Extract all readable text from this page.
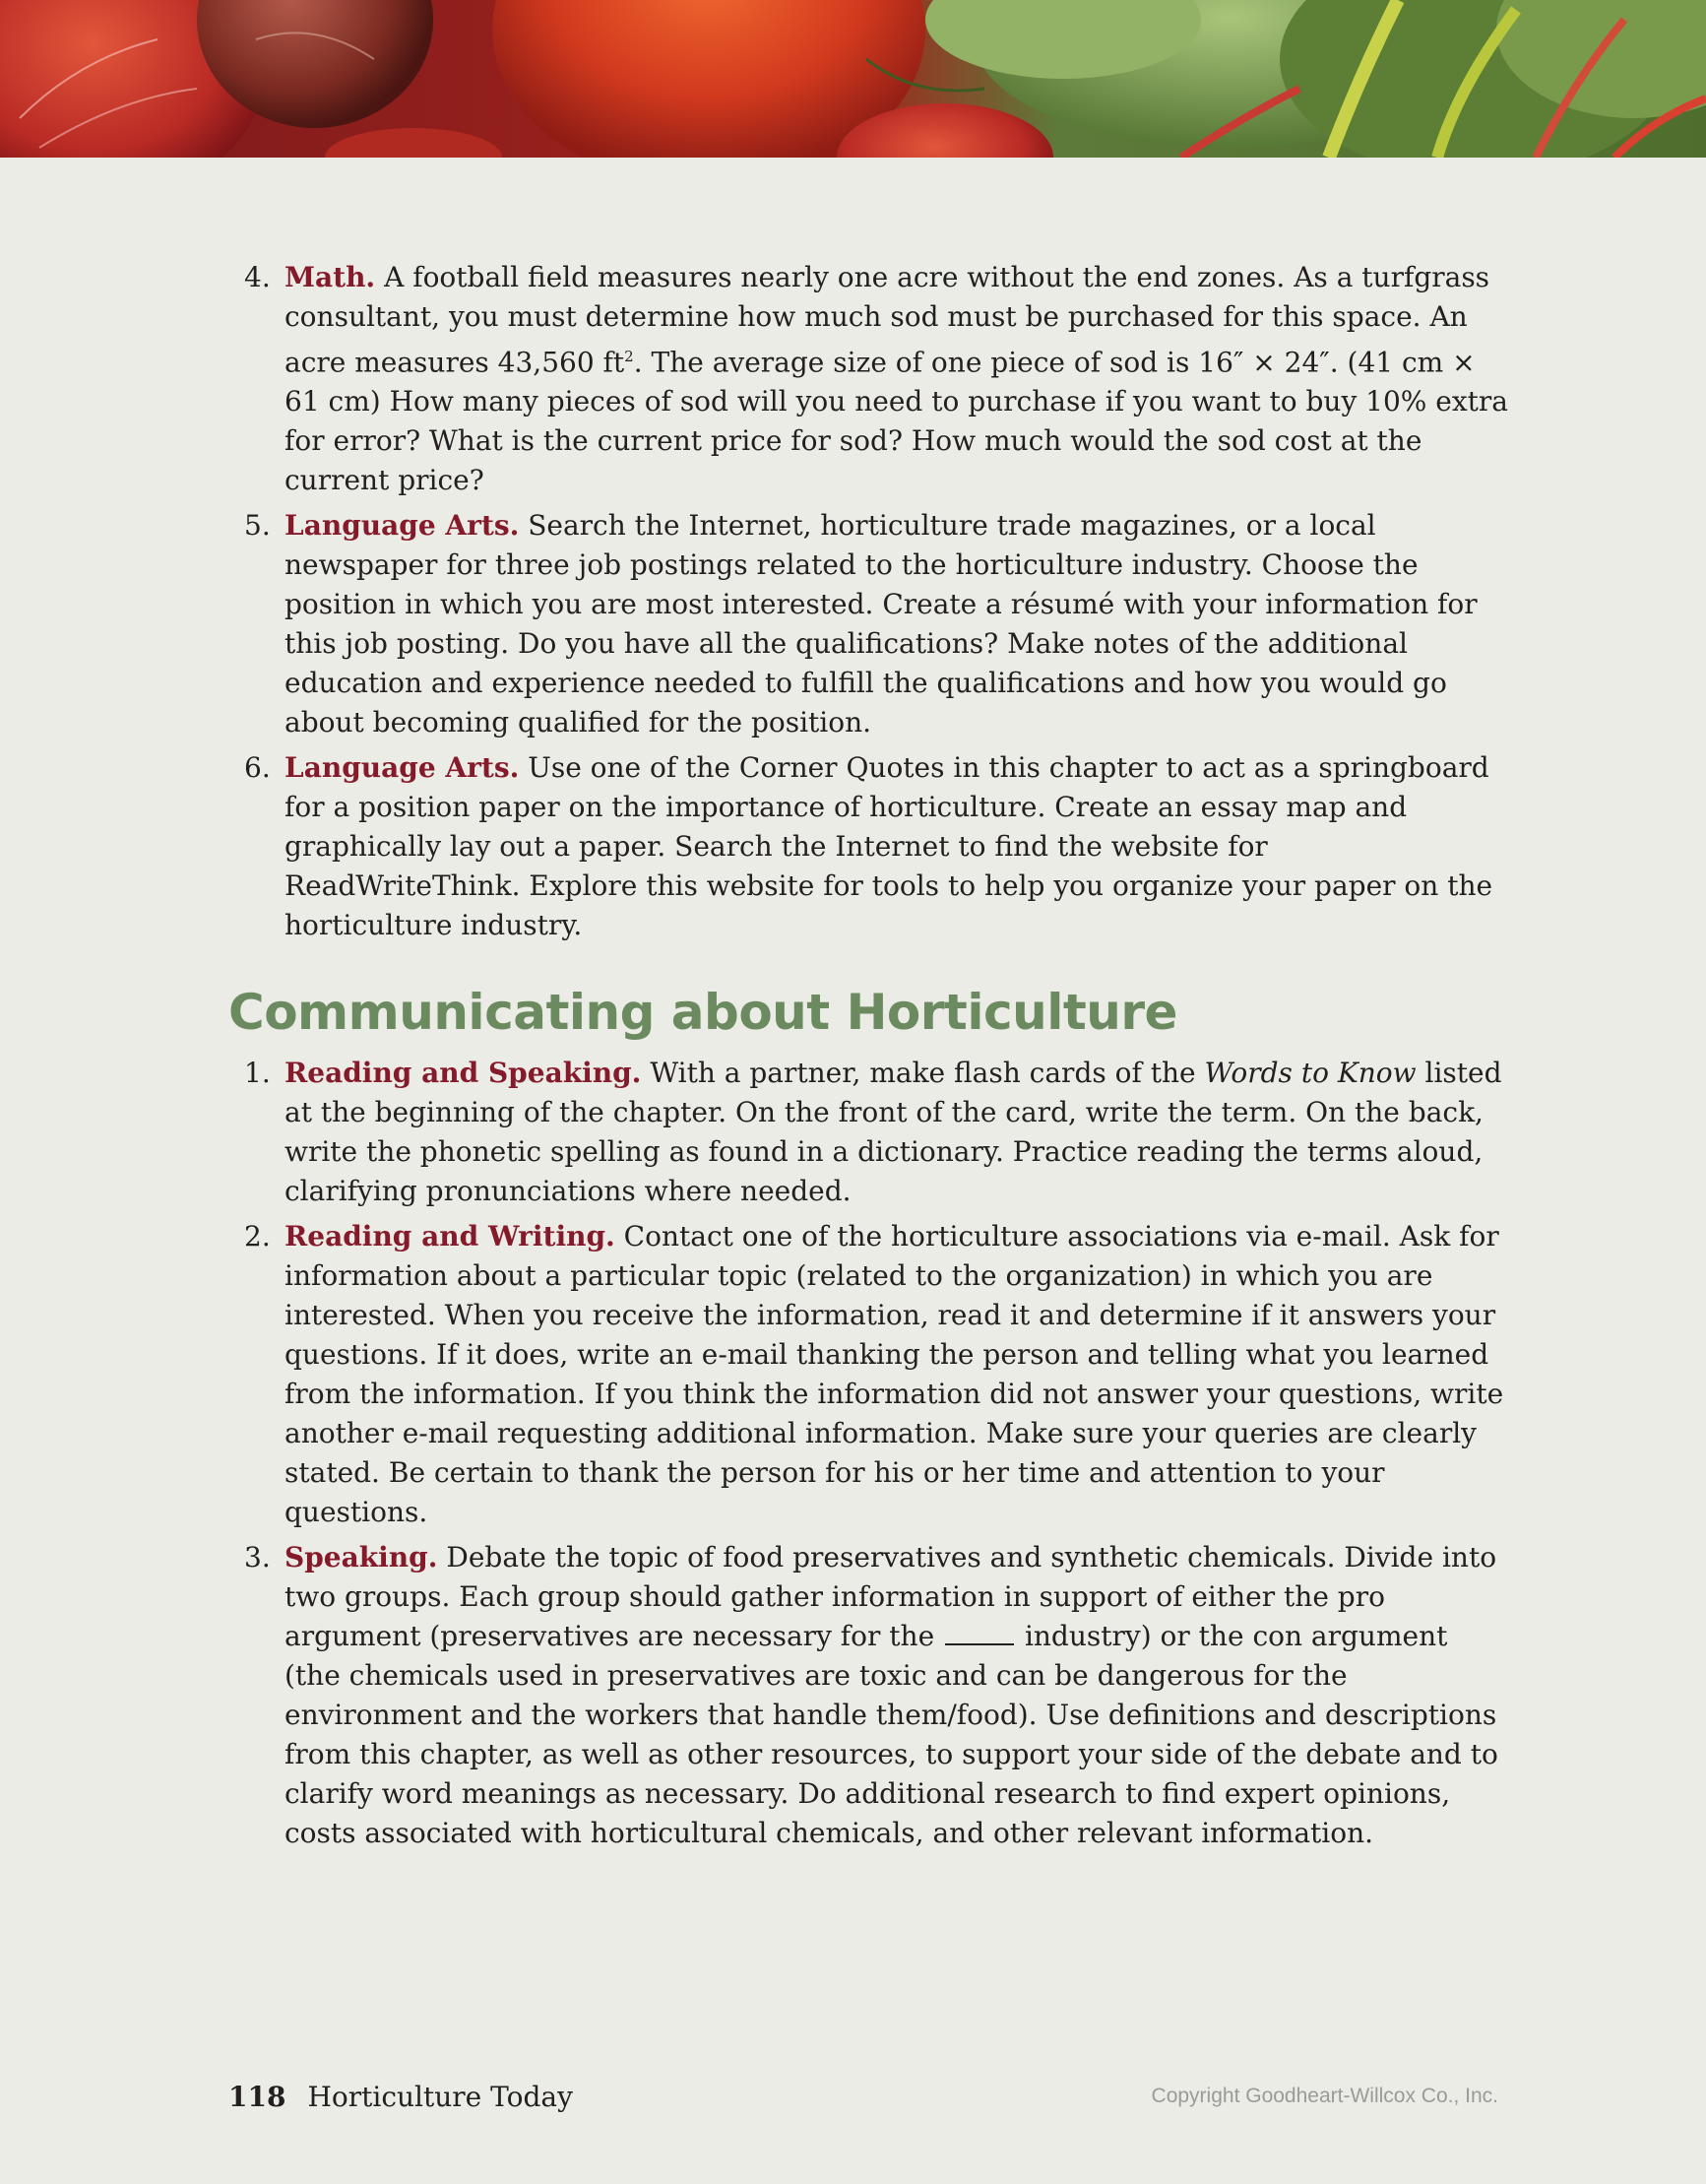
4. Math. A football field measures nearly one acre without the end zones. As a turfgrass consultant, you must determine how much sod must be purchased for this space. An acre measures 43,560 $ft^2$. The average size of one piece of sod is 16″ × 24″. (41 cm × 61 cm) How many pieces of sod will you need to purchase if you want to buy 10% extra for error? What is the current price for sod? How much would the sod cost at the current price?
5. Language Arts. Search the Internet, horticulture trade magazines, or a local newspaper for three job postings related to the horticulture industry. Choose the position in which you are most interested. Create a résumé with your information for this job posting. Do you have all the qualifications? Make notes of the additional education and experience needed to fulfill the qualifications and how you would go about becoming qualified for the position.
6. Language Arts. Use one of the Corner Quotes in this chapter to act as a springboard for a position paper on the importance of horticulture. Create an essay map and graphically lay out a paper. Search the Internet to find the website for ReadWriteThink. Explore this website for tools to help you organize your paper on the horticulture industry.
Communicating about Horticulture
1. Reading and Speaking. With a partner, make flash cards of the Words to Know listed at the beginning of the chapter. On the front of the card, write the term. On the back, write the phonetic spelling as found in a dictionary. Practice reading the terms aloud, clarifying pronunciations where needed.
2. Reading and Writing. Contact one of the horticulture associations via e-mail. Ask for information about a particular topic (related to the organization) in which you are interested. When you receive the information, read it and determine if it answers your questions. If it does, write an e-mail thanking the person and telling what you learned from the information. If you think the information did not answer your questions, write another e-mail requesting additional information. Make sure your queries are clearly stated. Be certain to thank the person for his or her time and attention to your questions.
3. Speaking. Debate the topic of food preservatives and synthetic chemicals. Divide into two groups. Each group should gather information in support of either the pro argument (preservatives are necessary for the	industry) or the con argument (the chemicals used in preservatives are toxic and can be dangerous for the environment and the workers that handle them/food). Use definitions and descriptions from this chapter, as well as other resources, to support your side of the debate and to clarify word meanings as necessary. Do additional research to find expert opinions, costs associated with horticultural chemicals, and other relevant information.
118 Horticulture Today	Copyright Goodheart-Willcox Co., Inc.
